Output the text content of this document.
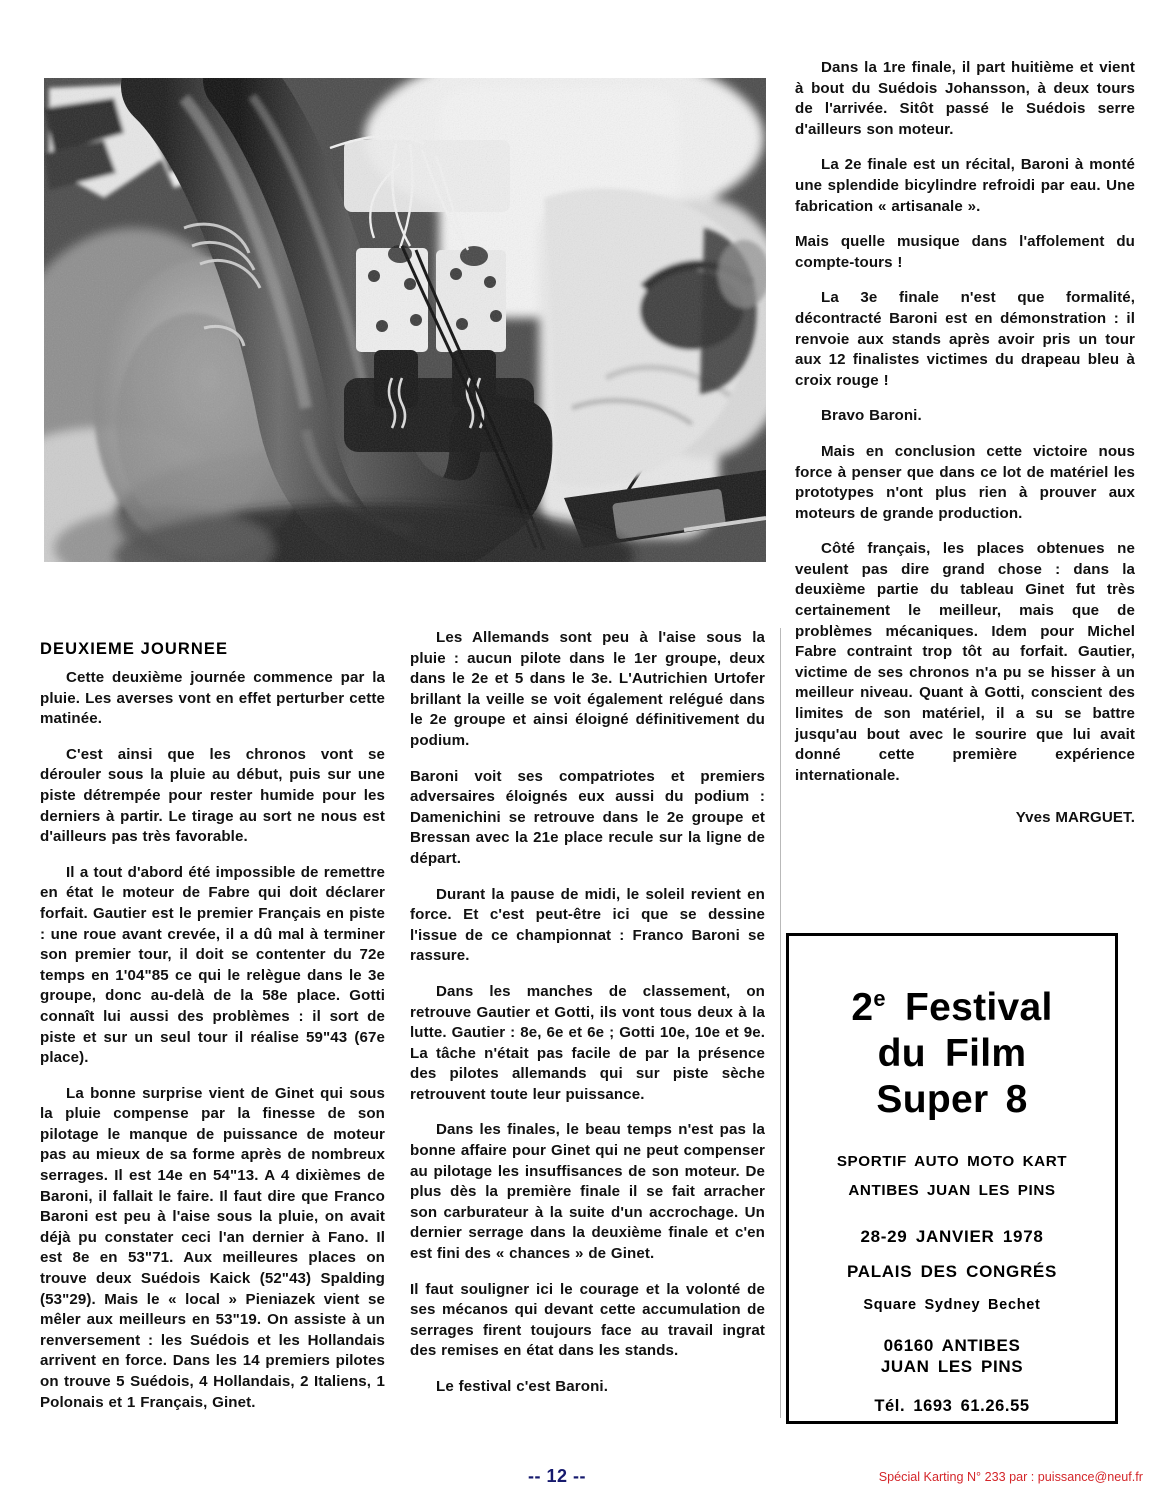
DEUXIEME JOURNEE

Cette deuxième journée commence par la pluie. Les averses vont en effet perturber cette matinée.

C'est ainsi que les chronos vont se dérouler sous la pluie au début, puis sur une piste détrempée pour rester humide pour les derniers à partir. Le tirage au sort ne nous est d'ailleurs pas très favorable.

Il a tout d'abord été impossible de remettre en état le moteur de Fabre qui doit déclarer forfait. Gautier est le premier Français en piste : une roue avant crevée, il a dû mal à terminer son premier tour, il doit se contenter du 72e temps en 1'04"85 ce qui le relègue dans le 3e groupe, donc au-delà de la 58e place. Gotti connaît lui aussi des problèmes : il sort de piste et sur un seul tour il réalise 59"43 (67e place).

La bonne surprise vient de Ginet qui sous la pluie compense par la finesse de son pilotage le manque de puissance de moteur pas au mieux de sa forme après de nombreux serrages. Il est 14e en 54"13. A 4 dixièmes de Baroni, il fallait le faire. Il faut dire que Franco Baroni est peu à l'aise sous la pluie, on avait déjà pu constater ceci l'an dernier à Fano. Il est 8e en 53"71. Aux meilleures places on trouve deux Suédois Kaick (52"43) Spalding (53"29). Mais le « local » Pieniazek vient se mêler aux meilleurs en 53"19. On assiste à un renversement : les Suédois et les Hollandais arrivent en force. Dans les 14 premiers pilotes on trouve 5 Suédois, 4 Hollandais, 2 Italiens, 1 Polonais et 1 Français, Ginet.

Les Allemands sont peu à l'aise sous la pluie : aucun pilote dans le 1er groupe, deux dans le 2e et 5 dans le 3e. L'Autrichien Urtofer brillant la veille se voit également relégué dans le 2e groupe et ainsi éloigné définitivement du podium.

Baroni voit ses compatriotes et premiers adversaires éloignés eux aussi du podium : Damenichini se retrouve dans le 2e groupe et Bressan avec la 21e place recule sur la ligne de départ.

Durant la pause de midi, le soleil revient en force. Et c'est peut-être ici que se dessine l'issue de ce championnat : Franco Baroni se rassure.

Dans les manches de classement, on retrouve Gautier et Gotti, ils vont tous deux à la lutte. Gautier : 8e, 6e et 6e ; Gotti 10e, 10e et 9e. La tâche n'était pas facile de par la présence des pilotes allemands qui sur piste sèche retrouvent toute leur puissance.

Dans les finales, le beau temps n'est pas la bonne affaire pour Ginet qui ne peut compenser au pilotage les insuffisances de son moteur. De plus dès la première finale il se fait arracher son carburateur à la suite d'un accrochage. Un dernier serrage dans la deuxième finale et c'en est fini des « chances » de Ginet.

Il faut souligner ici le courage et la volonté de ses mécanos qui devant cette accumulation de serrages firent toujours face au travail ingrat des remises en état dans les stands.

Le festival c'est Baroni.

Dans la 1re finale, il part huitième et vient à bout du Suédois Johansson, à deux tours de l'arrivée. Sitôt passé le Suédois serre d'ailleurs son moteur.

La 2e finale est un récital, Baroni à monté une splendide bicylindre refroidi par eau. Une fabrication « artisanale ».

Mais quelle musique dans l'affolement du compte-tours !

La 3e finale n'est que formalité, décontracté Baroni est en démonstration : il renvoie aux stands après avoir pris un tour aux 12 finalistes victimes du drapeau bleu à croix rouge !

Bravo Baroni.

Mais en conclusion cette victoire nous force à penser que dans ce lot de matériel les prototypes n'ont plus rien à prouver aux moteurs de grande production.

Côté français, les places obtenues ne veulent pas dire grand chose : dans la deuxième partie du tableau Ginet fut très certainement le meilleur, mais que de problèmes mécaniques. Idem pour Michel Fabre contraint trop tôt au forfait. Gautier, victime de ses chronos n'a pu se hisser à un meilleur niveau. Quant à Gotti, conscient des limites de son matériel, il a su se battre jusqu'au bout avec le sourire que lui avait donné cette première expérience internationale.

Yves MARGUET.

2e Festival
du Film
Super 8
SPORTIF AUTO MOTO KART
ANTIBES JUAN LES PINS
28-29 JANVIER 1978
PALAIS DES CONGRÉS
Square Sydney Bechet
06160 ANTIBES
JUAN LES PINS
Tél. 1693 61.26.55
-- 12 --	Spécial Karting N° 233 par : puissance@neuf.fr
